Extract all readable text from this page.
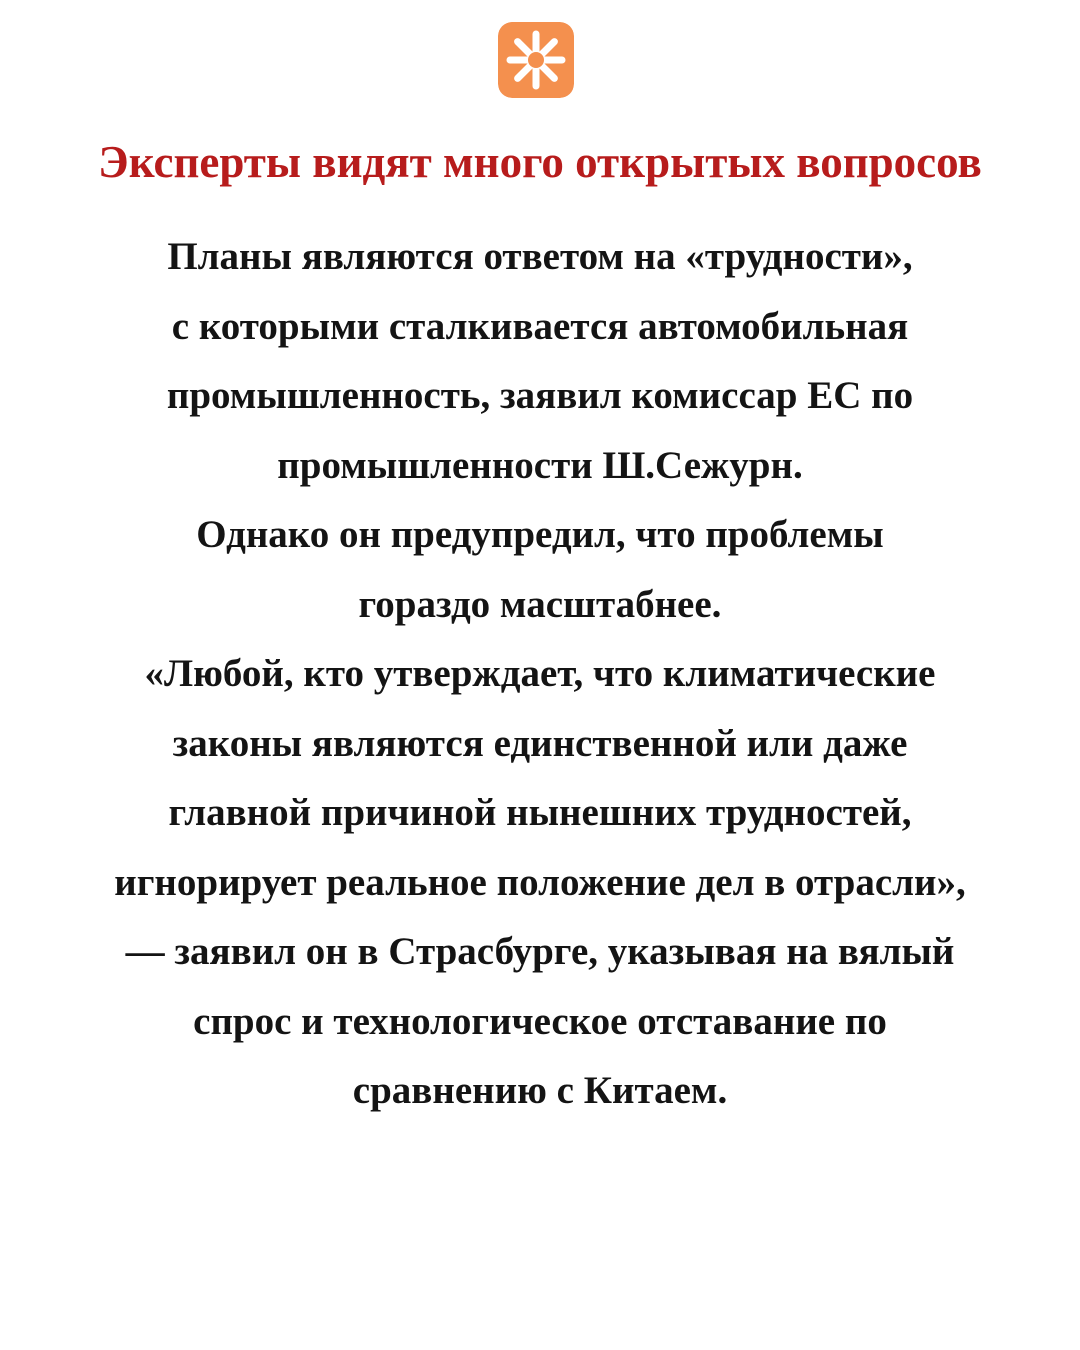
Эксперты видят много открытых вопросов
Планы являются ответом на «трудности»,
с которыми сталкивается автомобильная
промышленность, заявил комиссар ЕС по
промышленности Ш.Сежурн.
Однако он предупредил, что проблемы
гораздо масштабнее.
«Любой, кто утверждает, что климатические
законы являются единственной или даже
главной причиной нынешних трудностей,
игнорирует реальное положение дел в отрасли»,
— заявил он в Страсбурге, указывая на вялый
спрос и технологическое отставание по
сравнению с Китаем.
